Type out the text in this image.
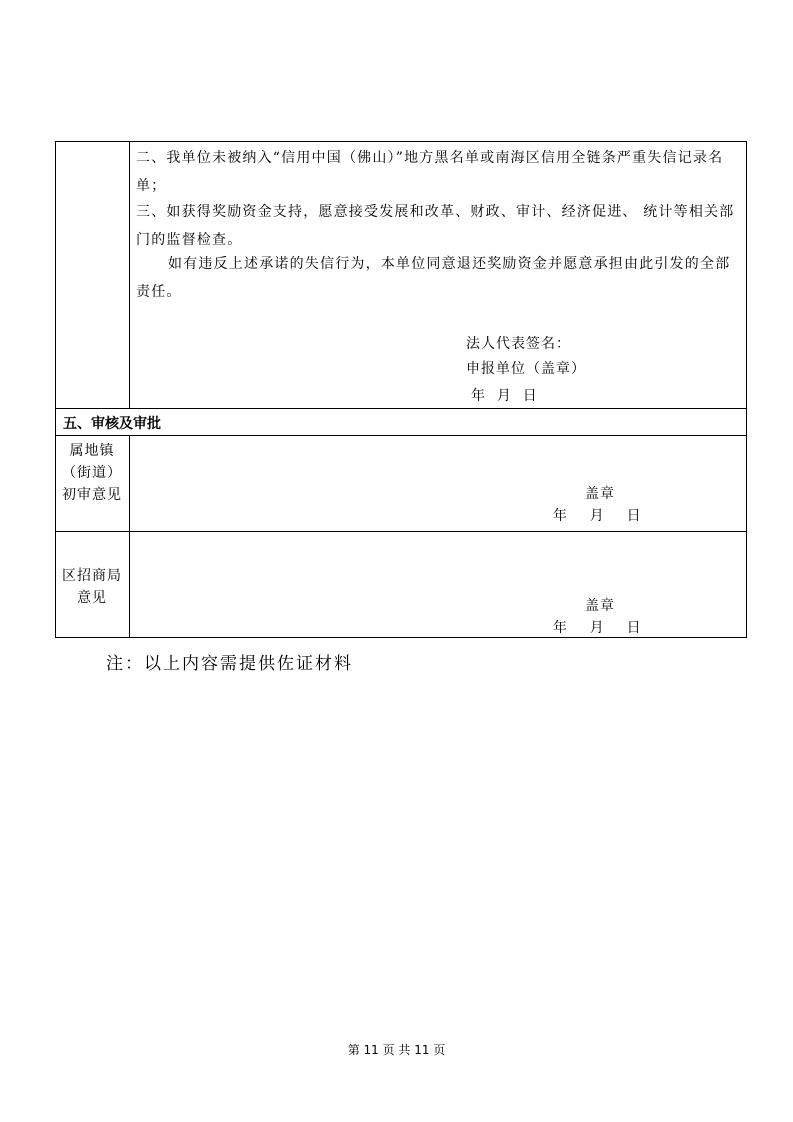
二、我单位未被纳入“信用中国（佛山）”地方黑名单或南海区信用全链条严重失信记录名单；
三、如获得奖励资金支持，愿意接受发展和改革、财政、审计、经济促进、 统计等相关部门的监督检查。
如有违反上述承诺的失信行为，本单位同意退还奖励资金并愿意承担由此引发的全部责任。
法人代表签名：
申报单位（盖章）
年  月  日
五、审核及审批
属地镇（街道）初审意见	盖章
年    月    日
区招商局意见	盖章
年    月    日
注：以上内容需提供佐证材料
第 11 页 共 11 页
